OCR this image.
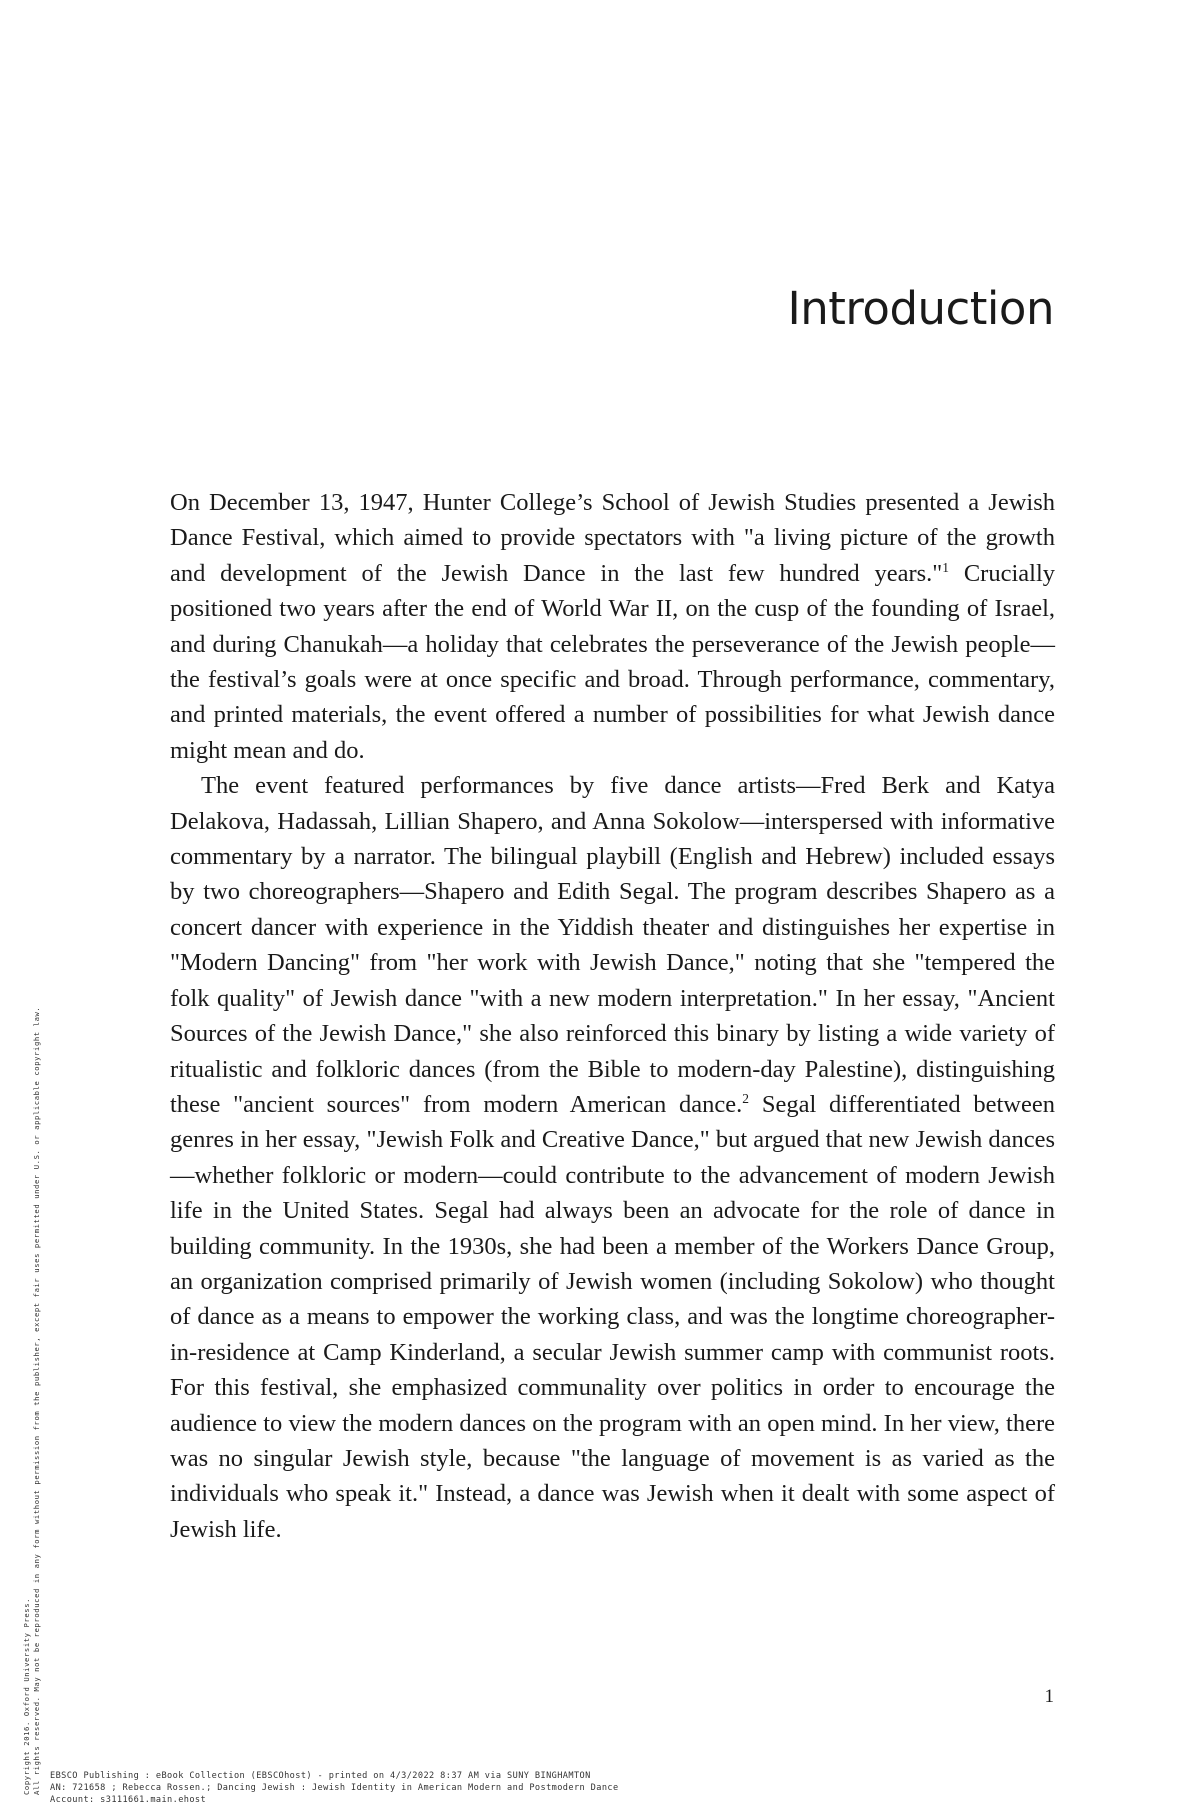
Introduction

On December 13, 1947, Hunter College’s School of Jewish Studies presented a Jewish Dance Festival, which aimed to provide spectators with "a living picture of the growth and development of the Jewish Dance in the last few hundred years."$^1$ Crucially positioned two years after the end of World War II, on the cusp of the founding of Israel, and during Chanukah—a holiday that celebrates the perseverance of the Jewish people—the festival’s goals were at once specific and broad. Through performance, commentary, and printed materials, the event offered a number of possibilities for what Jewish dance might mean and do.

The event featured performances by five dance artists—Fred Berk and Katya Delakova, Hadassah, Lillian Shapero, and Anna Sokolow—interspersed with informative commentary by a narrator. The bilingual playbill (English and Hebrew) included essays by two choreographers—Shapero and Edith Segal. The program describes Shapero as a concert dancer with experience in the Yiddish theater and distinguishes her expertise in "Modern Dancing" from "her work with Jewish Dance," noting that she "tempered the folk quality" of Jewish dance "with a new modern interpretation." In her essay, "Ancient Sources of the Jewish Dance," she also reinforced this binary by listing a wide variety of ritualistic and folkloric dances (from the Bible to modern-day Palestine), distinguishing these "ancient sources" from modern American dance.$^2$ Segal differentiated between genres in her essay, "Jewish Folk and Creative Dance," but argued that new Jewish dances—whether folkloric or modern—could contribute to the advancement of modern Jewish life in the United States. Segal had always been an advocate for the role of dance in building community. In the 1930s, she had been a member of the Workers Dance Group, an organization comprised primarily of Jewish women (including Sokolow) who thought of dance as a means to empower the working class, and was the longtime choreographer-in-residence at Camp Kinderland, a secular Jewish summer camp with communist roots. For this festival, she emphasized communality over politics in order to encourage the audience to view the modern dances on the program with an open mind. In her view, there was no singular Jewish style, because "the language of movement is as varied as the individuals who speak it." Instead, a dance was Jewish when it dealt with some aspect of Jewish life.

1
Copyright 2016. Oxford University Press. All rights reserved. May not be reproduced in any form without permission from the publisher, except fair uses permitted under U.S. or applicable copyright law. EBSCO Publishing : eBook Collection (EBSCOhost) - printed on 4/3/2022 8:37 AM via SUNY BINGHAMTON
AN: 721658 ; Rebecca Rossen.; Dancing Jewish : Jewish Identity in American Modern and Postmodern Dance
Account: s3111661.main.ehost
